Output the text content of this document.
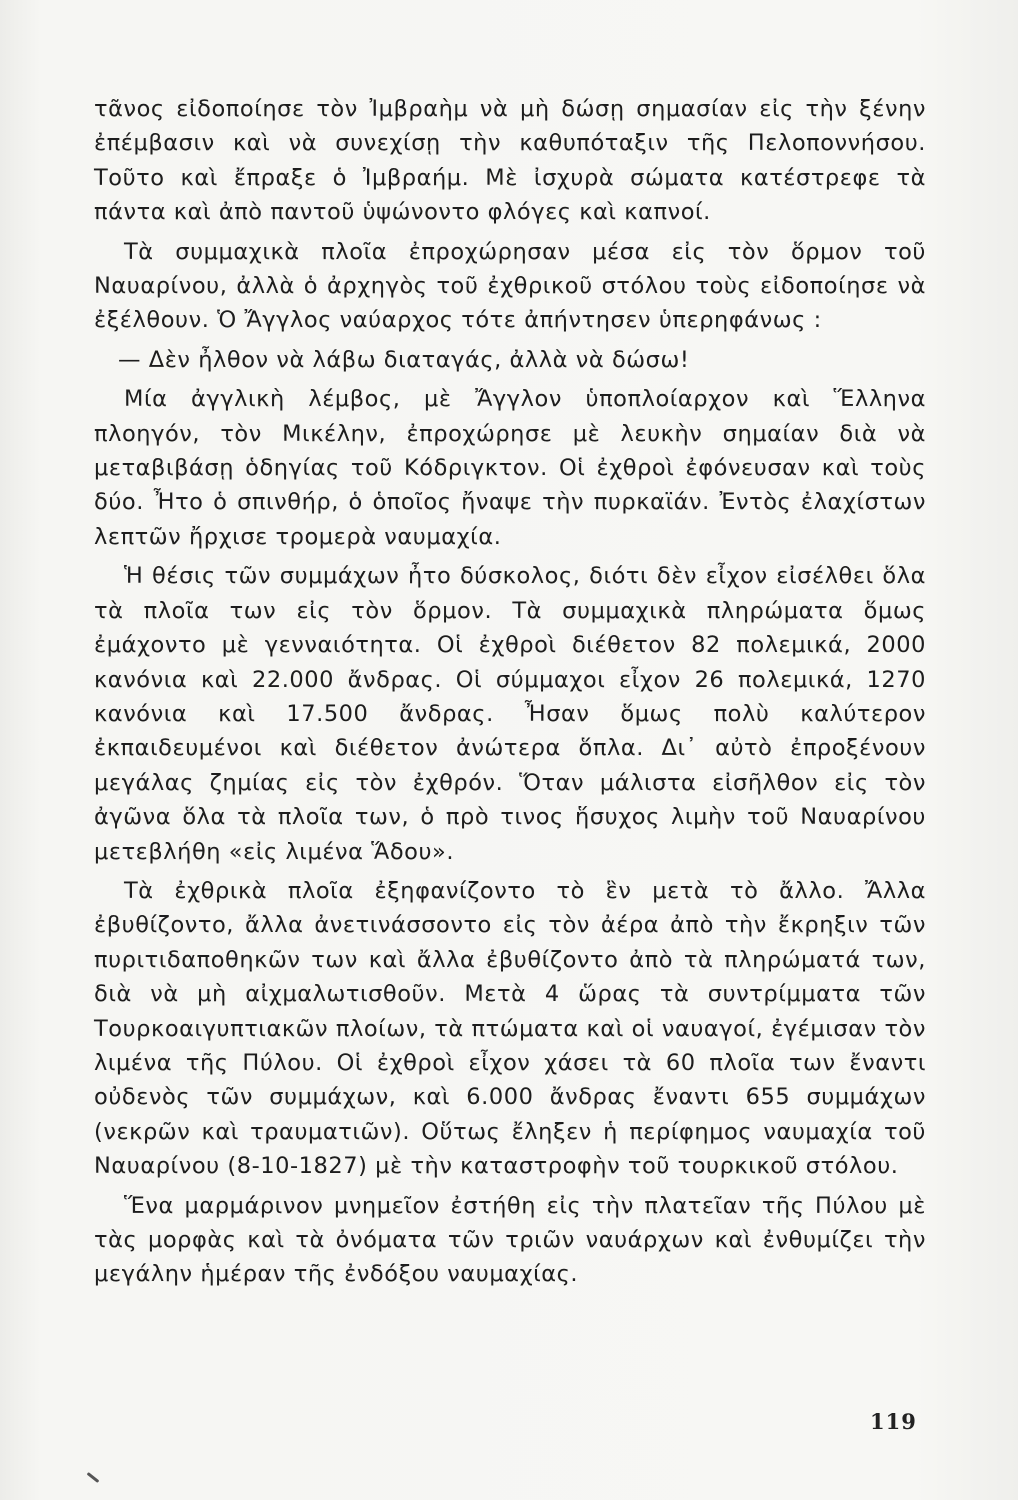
τᾶνος εἰδοποίησε τὸν Ἰμβραὴμ νὰ μὴ δώσῃ σημασίαν εἰς τὴν ξένην ἐπέμβασιν καὶ νὰ συνεχίσῃ τὴν καθυπόταξιν τῆς Πελοποννήσου. Τοῦτο καὶ ἔπραξε ὁ Ἰμβραήμ. Μὲ ἰσχυρὰ σώματα κατέστρεφε τὰ πάντα καὶ ἀπὸ παντοῦ ὑψώνοντο φλόγες καὶ καπνοί.

Τὰ συμμαχικὰ πλοῖα ἐπροχώρησαν μέσα εἰς τὸν ὅρμον τοῦ Ναυαρίνου, ἀλλὰ ὁ ἀρχηγὸς τοῦ ἐχθρικοῦ στόλου τοὺς εἰδοποίησε νὰ ἐξέλθουν. Ὁ Ἄγγλος ναύαρχος τότε ἀπήντησεν ὑπερηφάνως :

— Δὲν ἦλθον νὰ λάβω διαταγάς, ἀλλὰ νὰ δώσω!

Μία ἀγγλικὴ λέμβος, μὲ Ἄγγλον ὑποπλοίαρχον καὶ Ἕλληνα πλοηγόν, τὸν Μικέλην, ἐπροχώρησε μὲ λευκὴν σημαίαν διὰ νὰ μεταβιβάσῃ ὁδηγίας τοῦ Κόδριγκτον. Οἱ ἐχθροὶ ἐφόνευσαν καὶ τοὺς δύο. Ἦτο ὁ σπινθήρ, ὁ ὁποῖος ἤναψε τὴν πυρκαϊάν. Ἐντὸς ἐλαχίστων λεπτῶν ἤρχισε τρομερὰ ναυμαχία.

Ἡ θέσις τῶν συμμάχων ἦτο δύσκολος, διότι δὲν εἶχον εἰσέλθει ὅλα τὰ πλοῖα των εἰς τὸν ὅρμον. Τὰ συμμαχικὰ πληρώματα ὅμως ἐμάχοντο μὲ γενναιότητα. Οἱ ἐχθροὶ διέθετον 82 πολεμικά, 2000 κανόνια καὶ 22.000 ἄνδρας. Οἱ σύμμαχοι εἶχον 26 πολεμικά, 1270 κανόνια καὶ 17.500 ἄνδρας. Ἦσαν ὅμως πολὺ καλύτερον ἐκπαιδευμένοι καὶ διέθετον ἀνώτερα ὅπλα. Δι᾿ αὐτὸ ἐπροξένουν μεγάλας ζημίας εἰς τὸν ἐχθρόν. Ὅταν μάλιστα εἰσῆλθον εἰς τὸν ἀγῶνα ὅλα τὰ πλοῖα των, ὁ πρὸ τινος ἥσυχος λιμὴν τοῦ Ναυαρίνου μετεβλήθη «εἰς λιμένα Ἅδου».

Τὰ ἐχθρικὰ πλοῖα ἐξηφανίζοντο τὸ ἓν μετὰ τὸ ἄλλο. Ἄλλα ἐβυθίζοντο, ἄλλα ἀνετινάσσοντο εἰς τὸν ἀέρα ἀπὸ τὴν ἔκρηξιν τῶν πυριτιδαποθηκῶν των καὶ ἄλλα ἐβυθίζοντο ἀπὸ τὰ πληρώματά των, διὰ νὰ μὴ αἰχμαλωτισθοῦν. Μετὰ 4 ὥρας τὰ συντρίμματα τῶν Τουρκοαιγυπτιακῶν πλοίων, τὰ πτώματα καὶ οἱ ναυαγοί, ἐγέμισαν τὸν λιμένα τῆς Πύλου. Οἱ ἐχθροὶ εἶχον χάσει τὰ 60 πλοῖα των ἔναντι οὐδενὸς τῶν συμμάχων, καὶ 6.000 ἄνδρας ἔναντι 655 συμμάχων (νεκρῶν καὶ τραυματιῶν). Οὕτως ἔληξεν ἡ περίφημος ναυμαχία τοῦ Ναυαρίνου (8-10-1827) μὲ τὴν καταστροφὴν τοῦ τουρκικοῦ στόλου.

Ἕνα μαρμάρινον μνημεῖον ἐστήθη εἰς τὴν πλατεῖαν τῆς Πύλου μὲ τὰς μορφὰς καὶ τὰ ὀνόματα τῶν τριῶν ναυάρχων καὶ ἐνθυμίζει τὴν μεγάλην ἡμέραν τῆς ἐνδόξου ναυμαχίας.

119
